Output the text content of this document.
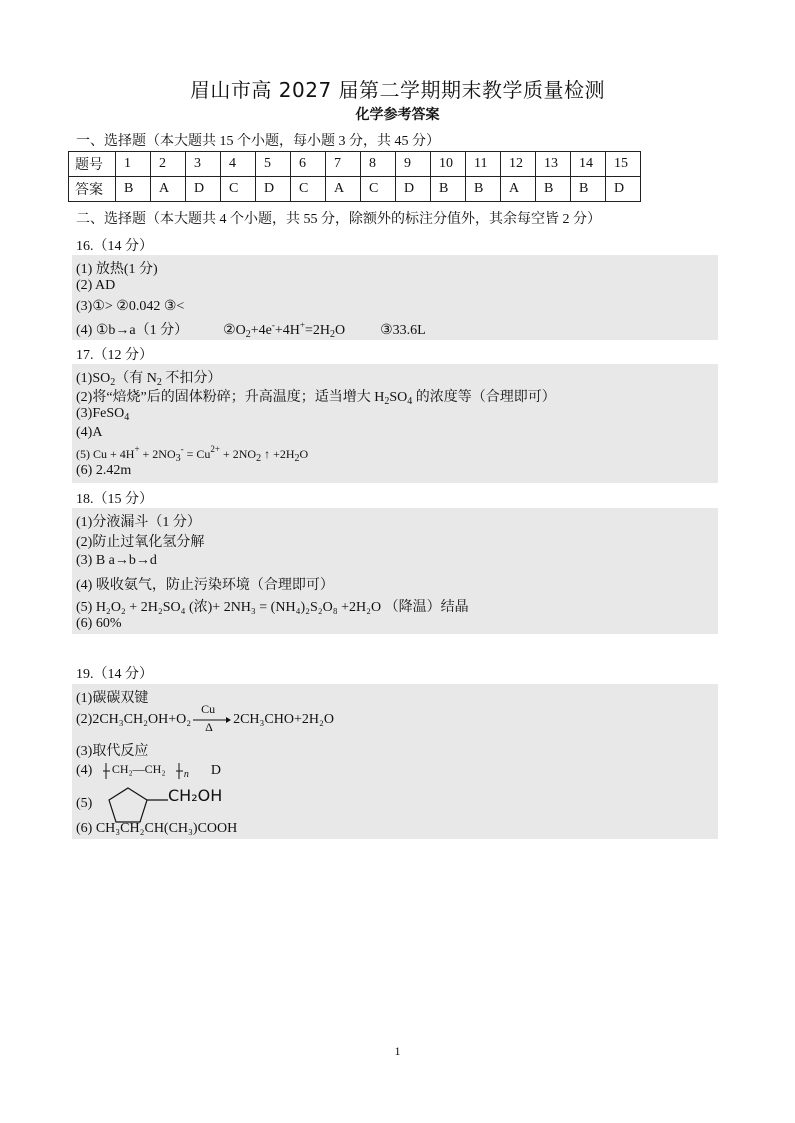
眉山市高 2027 届第二学期期末教学质量检测
化学参考答案
一、选择题（本大题共 15 个小题，每小题 3 分，共 45 分）
题号	1	2	3	4	5	6	7	8	9	10	11	12	13	14	15
答案	B	A	D	C	D	C	A	C	D	B	B	A	B	B	D
二、选择题（本大题共 4 个小题，共 55 分，除额外的标注分值外，其余每空皆 2 分）
16.（14 分）
(1) 放热(1 分)
(2) AD
(3)①> ②0.042 ③<
(4) ①b→a（1 分）	$②O_2+4e^-+4H^+=2H_2O$	③33.6L
17.（12 分）
$(1)SO_2$（有 $N_2$ 不扣分）
(2)将“焙烧”后的固体粉碎；升高温度；适当增大 $H_2SO_4$ 的浓度等（合理即可）
(3)FeSO$_4$
(4)A
(5) $Cu + 4H^+ + 2NO_3^- = Cu^{2+} + 2NO_2$ ↑ $+2H_2O$
(6) 2.42m
18.（15 分）
(1)分液漏斗（1 分）
(2)防止过氧化氢分解
(3) B a→b→d
(4) 吸收氨气，防止污染环境（合理即可）
(5) H₂O₂ + 2H₂SO₄ (浓)+ 2NH₃ = (NH₄)₂S₂O₈ +2H₂O （降温）结晶
(6) 60%
19.（14 分）
(1)碳碳双键
(2)2CH₃CH₂OH+O₂
Cu
Δ 2CH₃CHO+2H₂O
(3)取代反应
(4) CH₂—CH₂ n D
(5)	CH₂OH
(6) CH₃CH₂CH(CH₃)COOH
1
